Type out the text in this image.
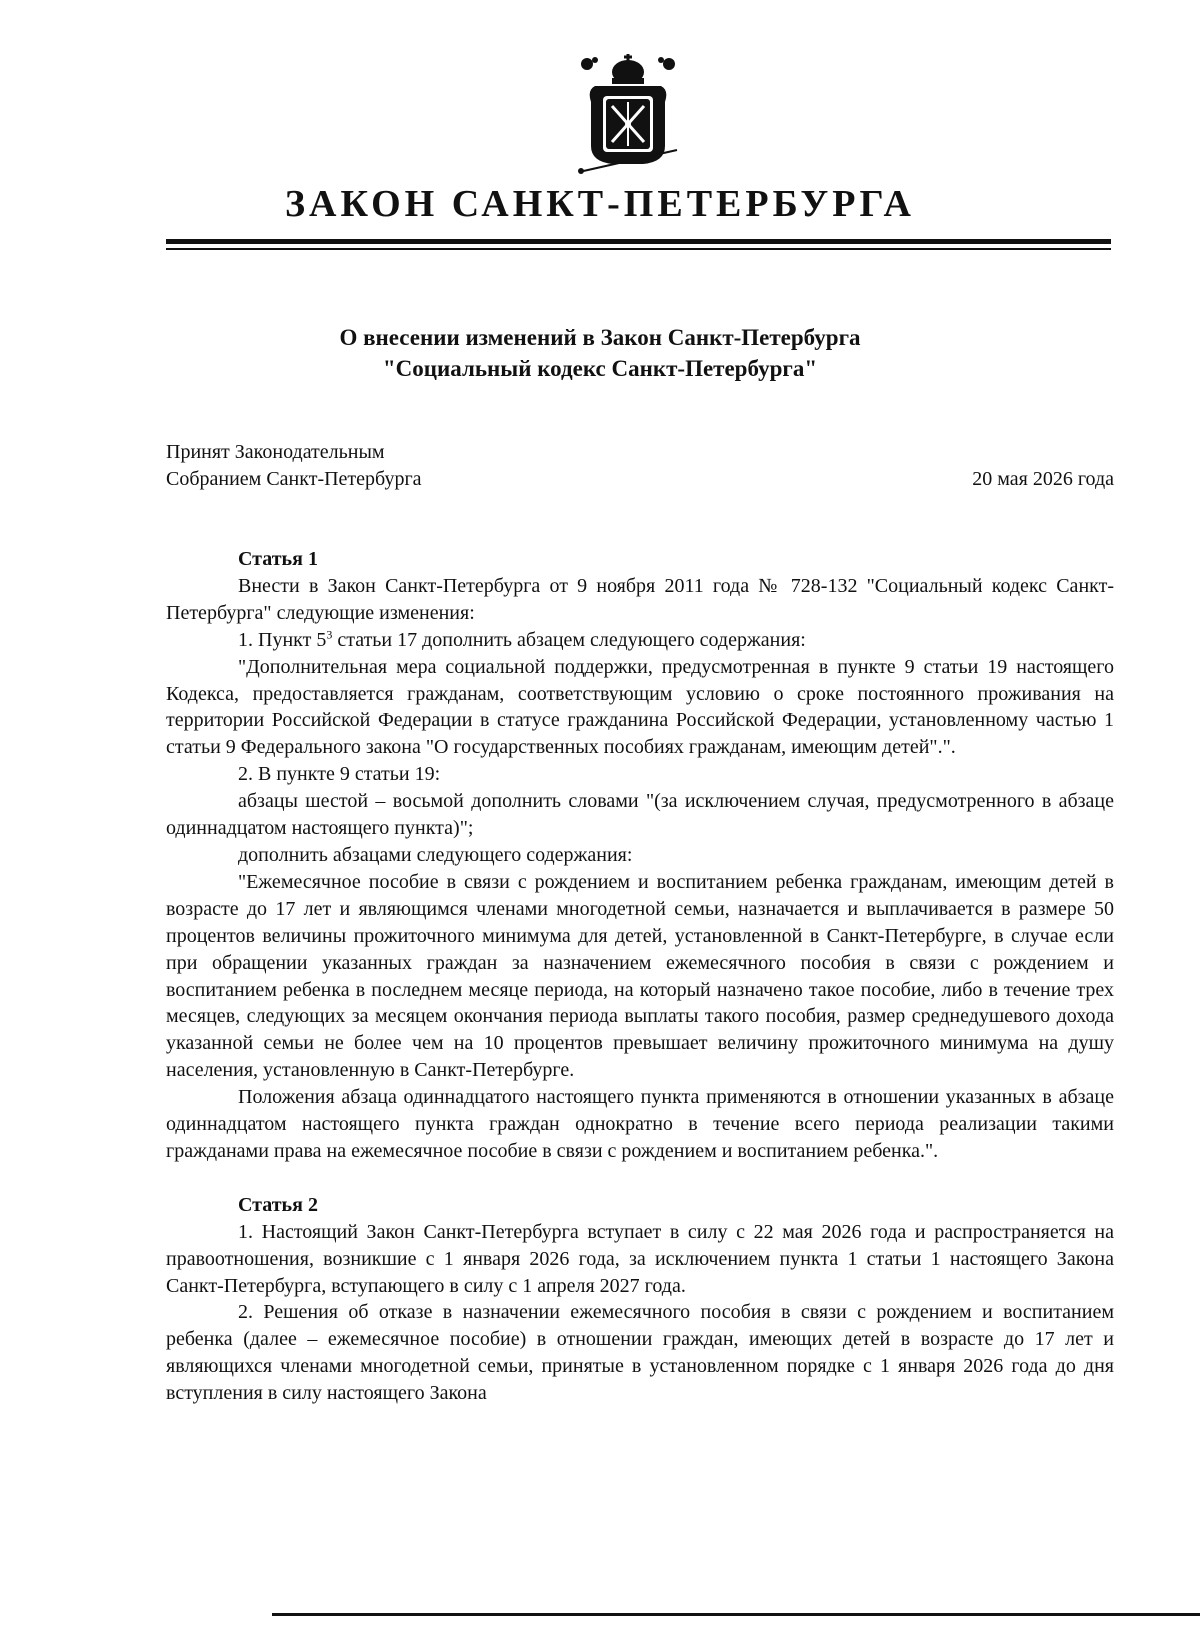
ЗАКОН САНКТ-ПЕТЕРБУРГА
О внесении изменений в Закон Санкт-Петербурга
"Социальный кодекс Санкт-Петербурга"
Принят Законодательным
Собранием Санкт-Петербурга	20 мая 2026 года

Статья 1

Внести в Закон Санкт-Петербурга от 9 ноября 2011 года № 728-132 "Социальный кодекс Санкт-Петербурга" следующие изменения:

1. Пункт $5^3$ статьи 17 дополнить абзацем следующего содержания:

"Дополнительная мера социальной поддержки, предусмотренная в пункте 9 статьи 19 настоящего Кодекса, предоставляется гражданам, соответствующим условию о сроке постоянного проживания на территории Российской Федерации в статусе гражданина Российской Федерации, установленному частью 1 статьи 9 Федерального закона "О государственных пособиях гражданам, имеющим детей".".

2. В пункте 9 статьи 19:

абзацы шестой – восьмой дополнить словами "(за исключением случая, предусмотренного в абзаце одиннадцатом настоящего пункта)";

дополнить абзацами следующего содержания:

"Ежемесячное пособие в связи с рождением и воспитанием ребенка гражданам, имеющим детей в возрасте до 17 лет и являющимся членами многодетной семьи, назначается и выплачивается в размере 50 процентов величины прожиточного минимума для детей, установленной в Санкт-Петербурге, в случае если при обращении указанных граждан за назначением ежемесячного пособия в связи с рождением и воспитанием ребенка в последнем месяце периода, на который назначено такое пособие, либо в течение трех месяцев, следующих за месяцем окончания периода выплаты такого пособия, размер среднедушевого дохода указанной семьи не более чем на 10 процентов превышает величину прожиточного минимума на душу населения, установленную в Санкт-Петербурге.

Положения абзаца одиннадцатого настоящего пункта применяются в отношении указанных в абзаце одиннадцатом настоящего пункта граждан однократно в течение всего периода реализации такими гражданами права на ежемесячное пособие в связи с рождением и воспитанием ребенка.".

Статья 2

1. Настоящий Закон Санкт-Петербурга вступает в силу с 22 мая 2026 года и распространяется на правоотношения, возникшие с 1 января 2026 года, за исключением пункта 1 статьи 1 настоящего Закона Санкт-Петербурга, вступающего в силу с 1 апреля 2027 года.

2. Решения об отказе в назначении ежемесячного пособия в связи с рождением и воспитанием ребенка (далее – ежемесячное пособие) в отношении граждан, имеющих детей в возрасте до 17 лет и являющихся членами многодетной семьи, принятые в установленном порядке с 1 января 2026 года до дня вступления в силу настоящего Закона
